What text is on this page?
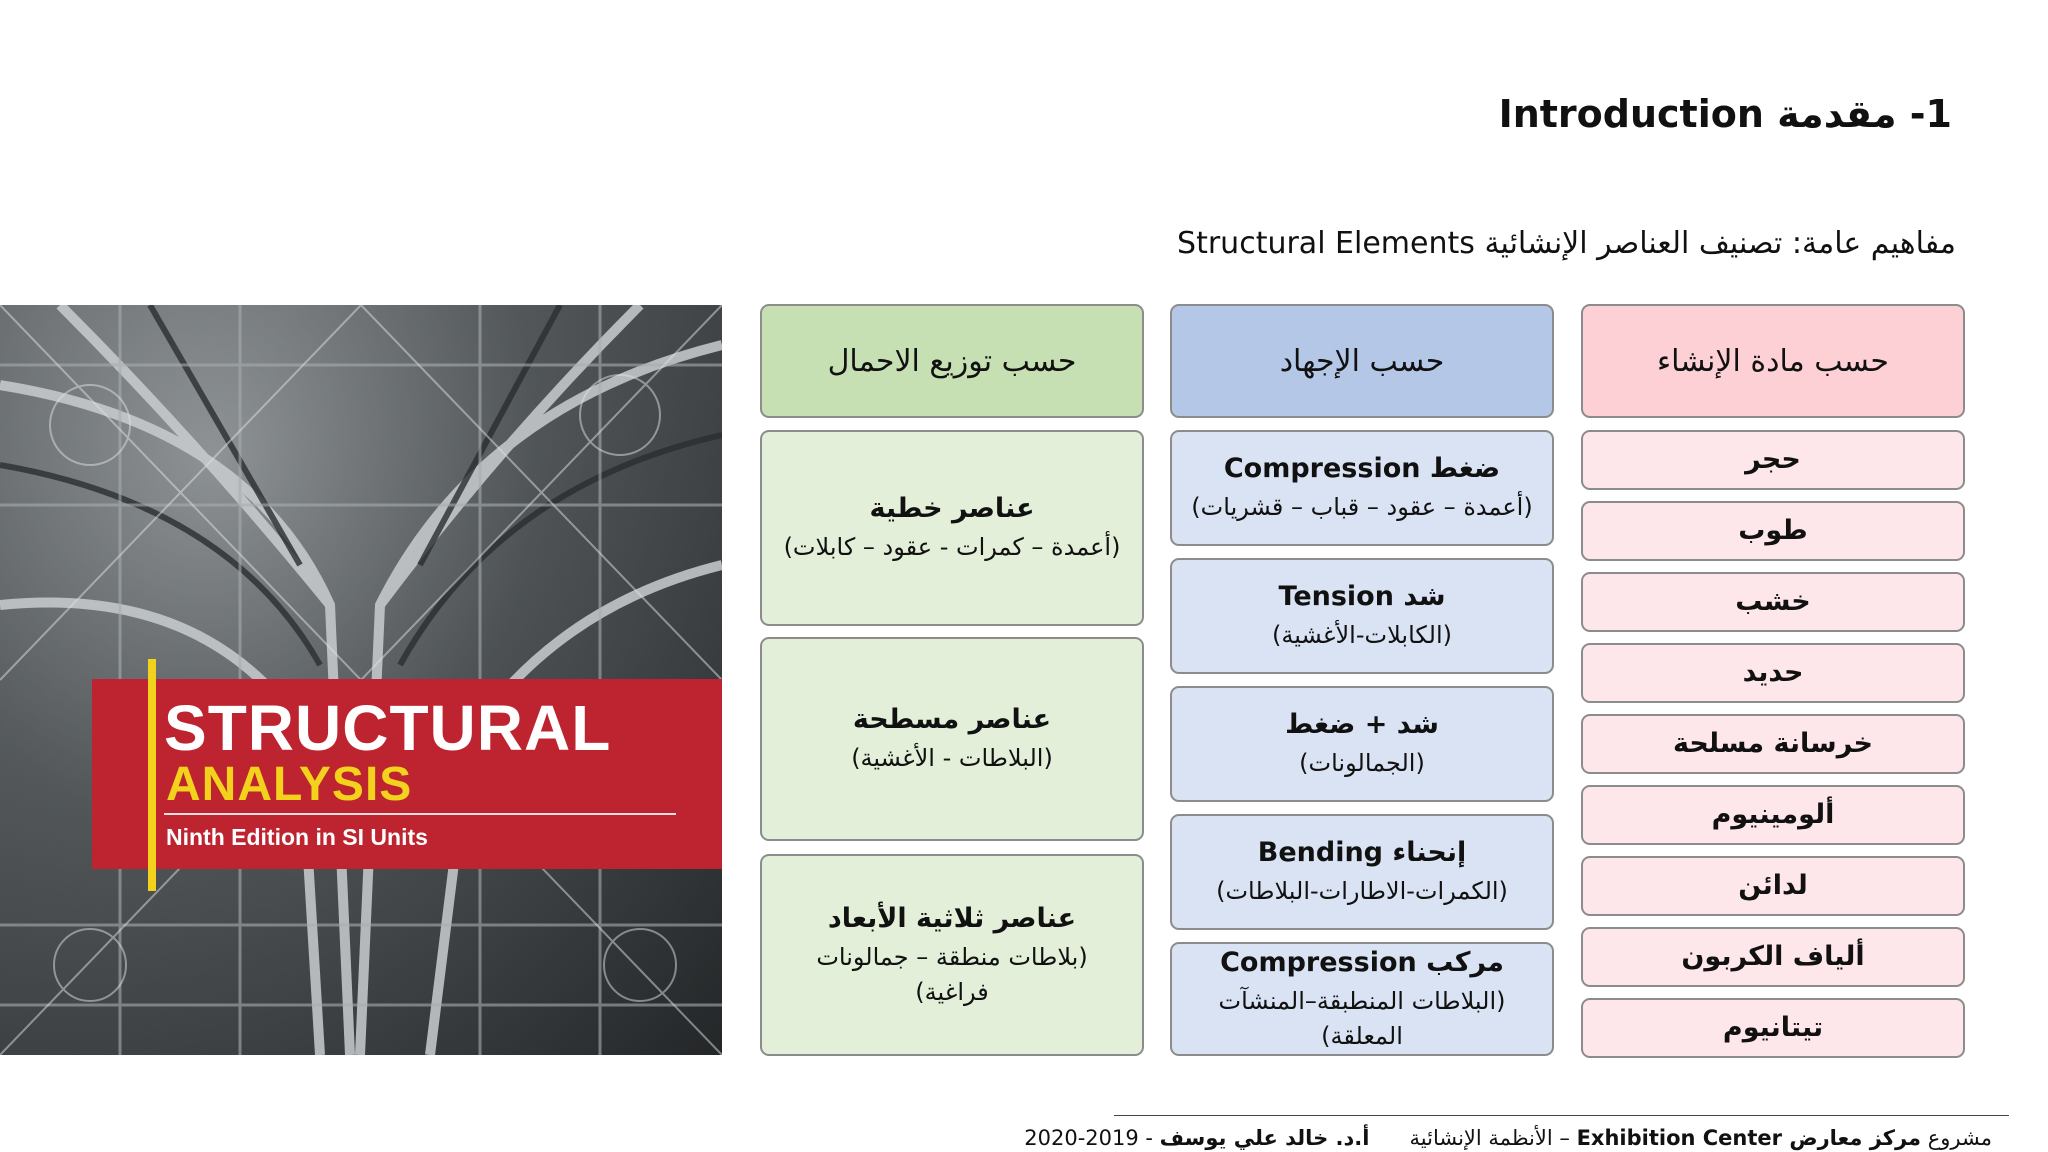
1- مقدمة Introduction
مفاهيم عامة: تصنيف العناصر الإنشائية Structural Elements
STRUCTURAL
ANALYSIS
Ninth Edition in SI Units
حسب توزيع الاحمال
عناصر خطية
(أعمدة – كمرات - عقود – كابلات)
عناصر مسطحة
(البلاطات - الأغشية)
عناصر ثلاثية الأبعاد
(بلاطات منطقة – جمالونات فراغية)
حسب الإجهاد
ضغط Compression
(أعمدة – عقود – قباب – قشريات)
شد Tension
(الكابلات-الأغشية)
شد + ضغط
(الجمالونات)
إنحناء Bending
(الكمرات-الاطارات-البلاطات)
مركب Compression
(البلاطات المنطبقة–المنشآت المعلقة)
حسب مادة الإنشاء
حجر
طوب
خشب
حديد
خرسانة مسلحة
ألومينيوم
لدائن
ألياف الكربون
تيتانيوم
مشروع مركز معارض Exhibition Center – الأنظمة الإنشائية      أ.د. خالد علي يوسف - 2019-2020
